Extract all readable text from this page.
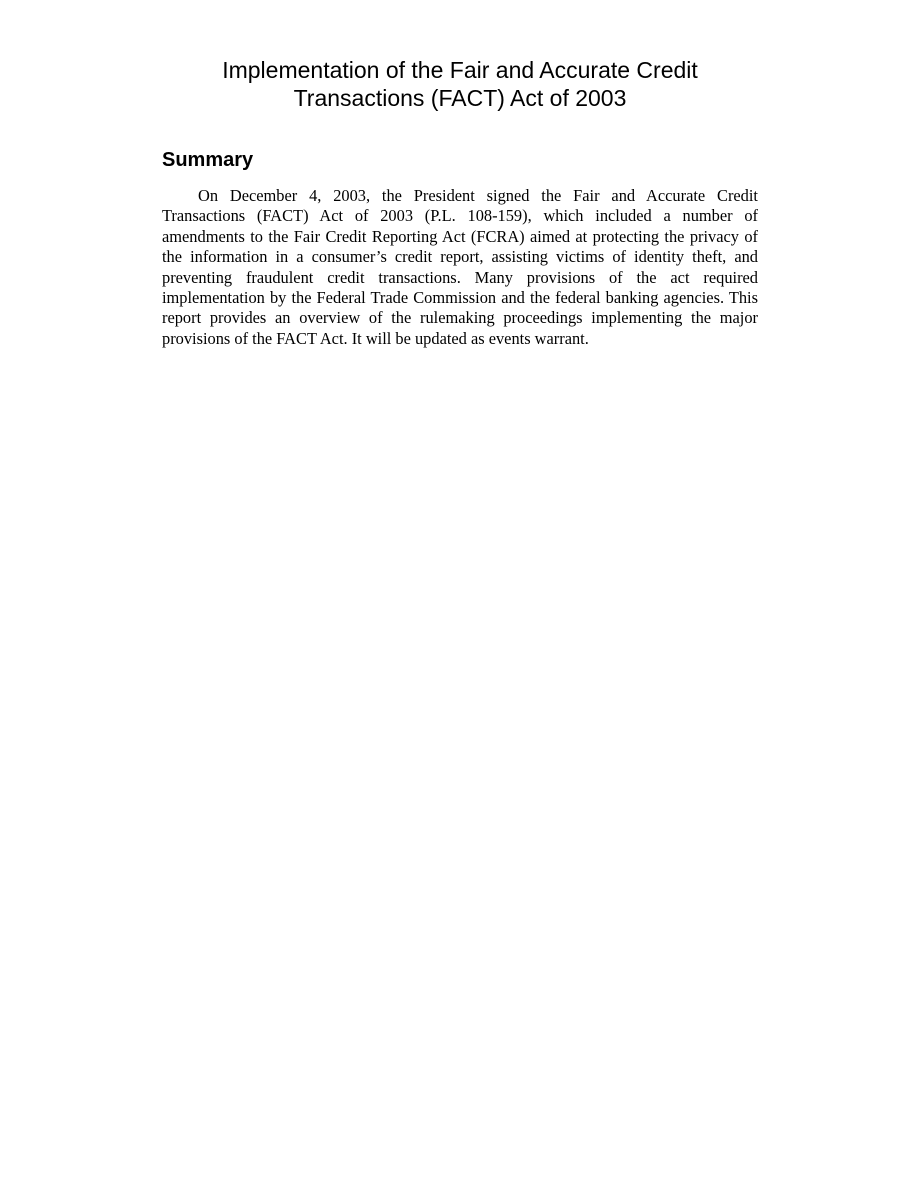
Implementation of the Fair and Accurate Credit
Transactions (FACT) Act of 2003
Summary

On December 4, 2003, the President signed the Fair and Accurate Credit Transactions (FACT) Act of 2003 (P.L. 108-159), which included a number of amendments to the Fair Credit Reporting Act (FCRA) aimed at protecting the privacy of the information in a consumer’s credit report, assisting victims of identity theft, and preventing fraudulent credit transactions. Many provisions of the act required implementation by the Federal Trade Commission and the federal banking agencies. This report provides an overview of the rulemaking proceedings implementing the major provisions of the FACT Act. It will be updated as events warrant.
